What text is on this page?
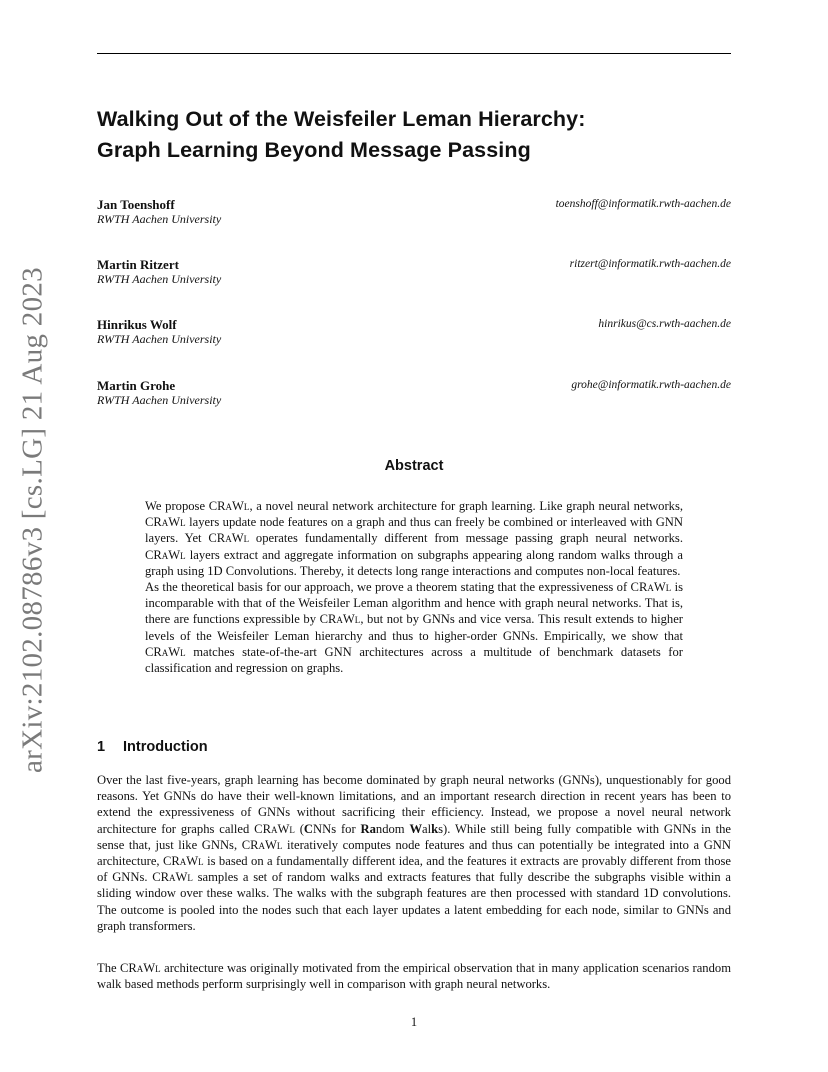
arXiv:2102.08786v3 [cs.LG] 21 Aug 2023
Walking Out of the Weisfeiler Leman Hierarchy:
Graph Learning Beyond Message Passing
Jan Toenshoff
RWTH Aachen University
toenshoff@informatik.rwth-aachen.de
Martin Ritzert
RWTH Aachen University
ritzert@informatik.rwth-aachen.de
Hinrikus Wolf
RWTH Aachen University
hinrikus@cs.rwth-aachen.de
Martin Grohe
RWTH Aachen University
grohe@informatik.rwth-aachen.de
Abstract

We propose CRaWl, a novel neural network architecture for graph learning. Like graph neural networks, CRaWl layers update node features on a graph and thus can freely be combined or interleaved with GNN layers. Yet CRaWl operates fundamentally different from message passing graph neural networks. CRaWl layers extract and aggregate information on subgraphs appearing along random walks through a graph using 1D Convolutions. Thereby, it detects long range interactions and computes non-local features.

As the theoretical basis for our approach, we prove a theorem stating that the expressiveness of CRaWl is incomparable with that of the Weisfeiler Leman algorithm and hence with graph neural networks. That is, there are functions expressible by CRaWl, but not by GNNs and vice versa. This result extends to higher levels of the Weisfeiler Leman hierarchy and thus to higher-order GNNs. Empirically, we show that CRaWl matches state-of-the-art GNN architectures across a multitude of benchmark datasets for classification and regression on graphs.

1 Introduction

Over the last five-years, graph learning has become dominated by graph neural networks (GNNs), unquestionably for good reasons. Yet GNNs do have their well-known limitations, and an important research direction in recent years has been to extend the expressiveness of GNNs without sacrificing their efficiency. Instead, we propose a novel neural network architecture for graphs called CRaWl (CNNs for Random Walks). While still being fully compatible with GNNs in the sense that, just like GNNs, CRaWl iteratively computes node features and thus can potentially be integrated into a GNN architecture, CRaWl is based on a fundamentally different idea, and the features it extracts are provably different from those of GNNs. CRaWl samples a set of random walks and extracts features that fully describe the subgraphs visible within a sliding window over these walks. The walks with the subgraph features are then processed with standard 1D convolutions. The outcome is pooled into the nodes such that each layer updates a latent embedding for each node, similar to GNNs and graph transformers.

The CRaWl architecture was originally motivated from the empirical observation that in many application scenarios random walk based methods perform surprisingly well in comparison with graph neural networks.

1
